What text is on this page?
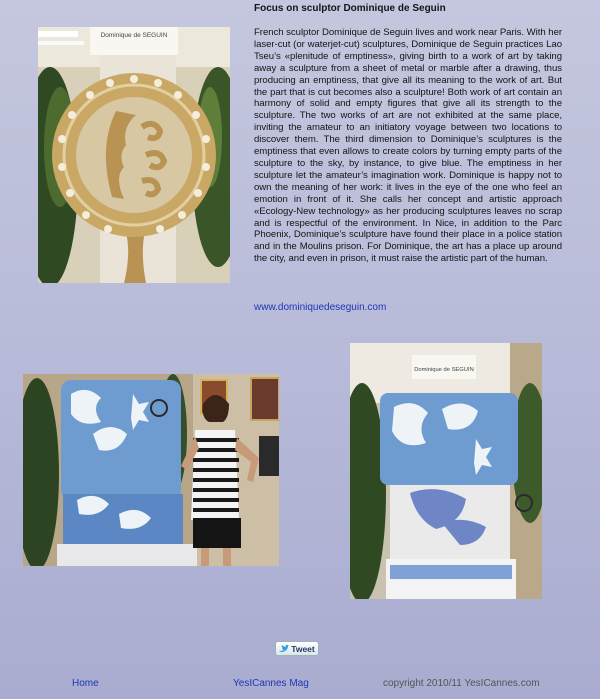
Dominique de SEGUIN
Focus on sculptor Dominique de Seguin

French sculptor Dominique de Seguin lives and work near Paris. With her laser-cut (or waterjet-cut) sculptures, Dominique de Seguin practices Lao Tseu’s «plenitude of emptiness», giving birth to a work of art by taking away a sculpture from a sheet of metal or marble after a drawing, thus producing an emptiness, that give all its meaning to the work of art. But the part that is cut becomes also a sculpture! Both work of art contain an harmony of solid and empty figures that give all its strength to the sculpture. The two works of art are not exhibited at the same place, inviting the amateur to an initiatory voyage between two locations to discover them. The third dimension to Dominique’s sculptures is the emptiness that even allows to create colors by turning empty parts of the sculpture to the sky, by instance, to give blue. The emptiness in her sculpture let the amateur’s imagination work. Dominique is happy not to own the meaning of her work: it lives in the eye of the one who feel an emotion in front of it. She calls her concept and artistic approach «Ecology-New technology» as her producing sculptures leaves no scrap and is respectful of the environment. In Nice, in addition to the Parc Phoenix, Dominique’s sculpture have found their place in a police station and in the Moulins prison. For Dominique, the art has a place up around the city, and even in prison, it must raise the artistic part of the human.

www.dominiquedeseguin.com
Dominique de SEGUIN
Tweet
Home	YesICannes Mag	copyright 2010/11 YesICannes.com
